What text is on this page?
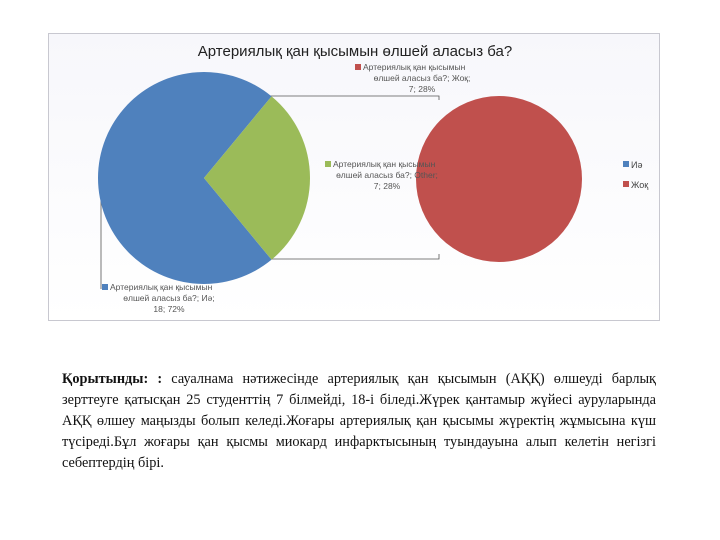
Артериялық қан қысымын өлшей аласыз ба?
Артериялық қан қысымын
өлшей аласыз ба?; Жоқ;
7; 28%
Артериялық қан қысымын
өлшей аласыз ба?; Other;
7; 28%
Артериялық қан қысымын
өлшей аласыз ба?; Иә;
18; 72%
Иә
Жоқ

Қорытынды: : сауалнама нәтижесінде артериялық қан қысымын (АҚҚ) өлшеуді барлық зерттеуге қатысқан 25 студенттің 7 білмейді, 18-і біледі.Жүрек қантамыр жүйесі ауруларында АҚҚ өлшеу маңызды болып келеді.Жоғары артериялық қан қысымы жүректің жұмысына күш түсіреді.Бұл жоғары қан қысмы миокард инфарктысының туындауына алып келетін негізгі себептердің бірі.
